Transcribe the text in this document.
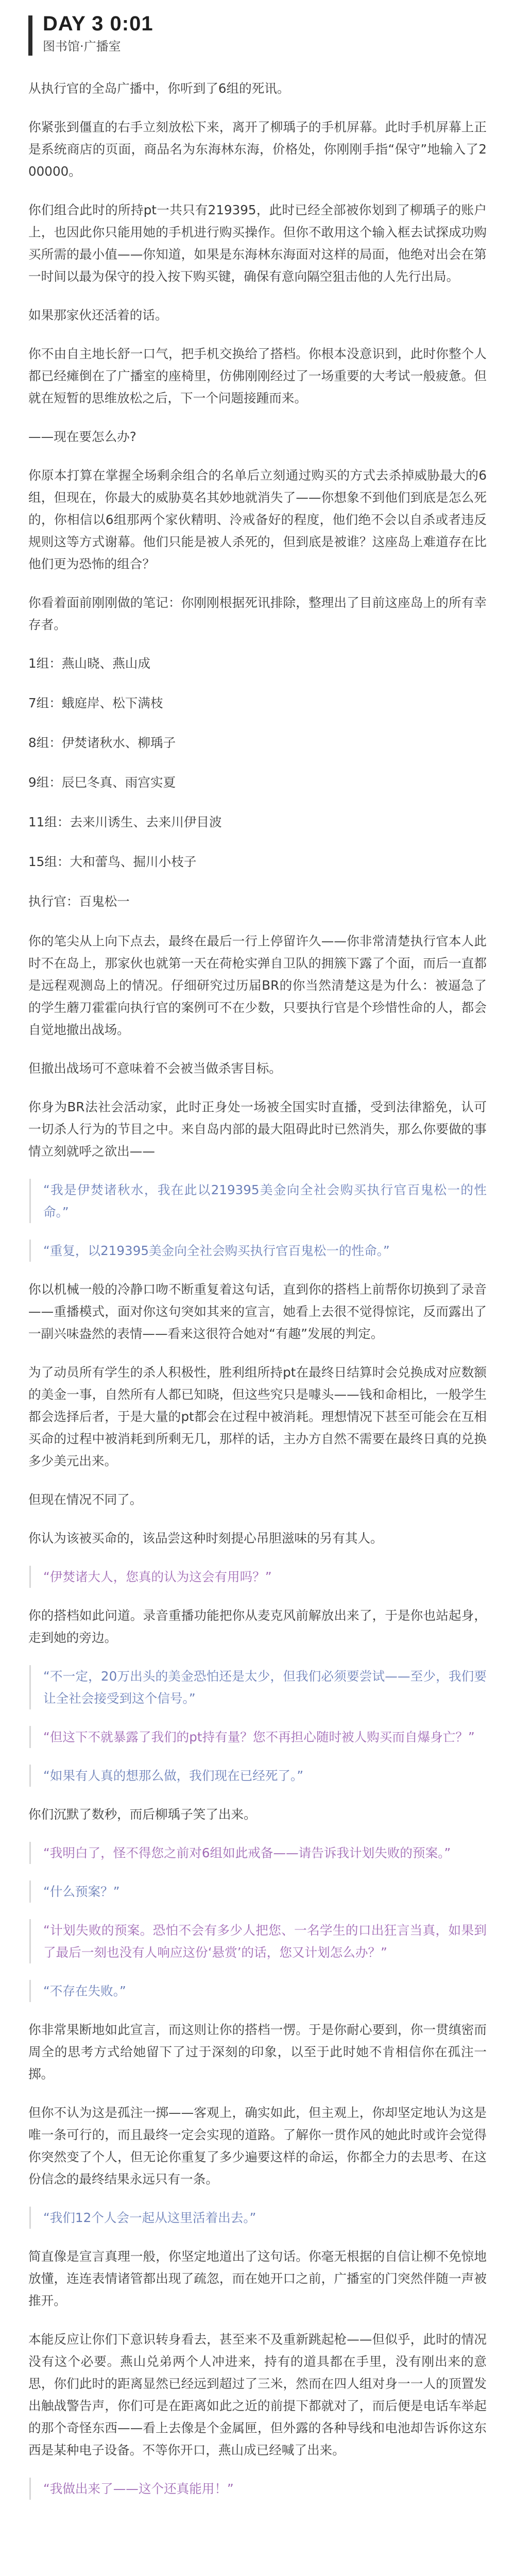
DAY 3 0:01
图书馆·广播室
从执行官的全岛广播中，你听到了6组的死讯。
你紧张到僵直的右手立刻放松下来，离开了柳瑀子的手机屏幕。此时手机屏幕上正是系统商店的页面，商品名为东海林东海，价格处，你刚刚手指“保守”地输入了200000。
你们组合此时的所持pt一共只有219395，此时已经全部被你划到了柳瑀子的账户上，也因此你只能用她的手机进行购买操作。但你不敢用这个输入框去试探成功购买所需的最小值——你知道，如果是东海林东海面对这样的局面，他绝对出会在第一时间以最为保守的投入按下购买键，确保有意向隔空狙击他的人先行出局。
如果那家伙还活着的话。
你不由自主地长舒一口气，把手机交换给了搭档。你根本没意识到，此时你整个人都已经瘫倒在了广播室的座椅里，仿佛刚刚经过了一场重要的大考试一般疲惫。但就在短暂的思维放松之后，下一个问题接踵而来。
——现在要怎么办?
你原本打算在掌握全场剩余组合的名单后立刻通过购买的方式去杀掉威胁最大的6组，但现在，你最大的威胁莫名其妙地就消失了——你想象不到他们到底是怎么死的，你相信以6组那两个家伙精明、泠戒备好的程度，他们绝不会以自杀或者违反规则这等方式谢幕。他们只能是被人杀死的，但到底是被谁？这座岛上难道存在比他们更为恐怖的组合？
你看着面前刚刚做的笔记：你刚刚根据死讯排除，整理出了目前这座岛上的所有幸存者。
1组：燕山晓、燕山成
7组：蛾庭岸、松下满枝
8组：伊焚诸秋水、柳瑀子
9组：辰巳冬真、雨宫实夏
11组：去来川诱生、去来川伊目波
15组：大和蕾鸟、掘川小枝子
执行官：百鬼松一
你的笔尖从上向下点去，最终在最后一行上停留许久——你非常清楚执行官本人此时不在岛上，那家伙也就第一天在荷枪实弹自卫队的拥簇下露了个面，而后一直都是远程观测岛上的情况。仔细研究过历届BR的你当然清楚这是为什么：被逼急了的学生蘑刀霍霍向执行官的案例可不在少数，只要执行官是个珍惜性命的人，都会自觉地撤出战场。
但撤出战场可不意味着不会被当做杀害目标。
你身为BR法社会活动家，此时正身处一场被全国实时直播，受到法律豁免，认可一切杀人行为的节目之中。来自岛内部的最大阻碍此时已然消失，那么你要做的事情立刻就呼之欲出——
“我是伊焚诸秋水，我在此以219395美金向全社会购买执行官百鬼松一的性命。”
“重复，以219395美金向全社会购买执行官百鬼松一的性命。”
你以机械一般的冷静口吻不断重复着这句话，直到你的搭档上前帮你切换到了录音——重播模式，面对你这句突如其来的宣言，她看上去很不觉得惊诧，反而露出了一副兴味盎然的表情——看来这很符合她对“有趣”发展的判定。
为了动员所有学生的杀人积极性，胜利组所持pt在最终日结算时会兑换成对应数额的美金一事，自然所有人都已知晓，但这些究只是噱头——钱和命相比，一般学生都会选择后者，于是大量的pt都会在过程中被消耗。理想情况下甚至可能会在互相买命的过程中被消耗到所剩无几，那样的话，主办方自然不需要在最终日真的兑换多少美元出来。
但现在情况不同了。
你认为该被买命的，该品尝这种时刻提心吊胆滋味的另有其人。
“伊焚诸大人，您真的认为这会有用吗？”
你的搭档如此问道。录音重播功能把你从麦克风前解放出来了，于是你也站起身，走到她的旁边。
“不一定，20万出头的美金恐怕还是太少，但我们必须要尝试——至少，我们要让全社会接受到这个信号。”
“但这下不就暴露了我们的pt持有量？您不再担心随时被人购买而自爆身亡？”
“如果有人真的想那么做，我们现在已经死了。”
你们沉默了数秒，而后柳瑀子笑了出来。
“我明白了，怪不得您之前对6组如此戒备——请告诉我计划失败的预案。”
“什么预案？”
“计划失败的预案。恐怕不会有多少人把您、一名学生的口出狂言当真，如果到了最后一刻也没有人响应这份‘悬赏’的话，您又计划怎么办？”
“不存在失败。”
你非常果断地如此宣言，而这则让你的搭档一愣。于是你耐心要到，你一贯缜密而周全的思考方式给她留下了过于深刻的印象，以至于此时她不肯相信你在孤注一掷。
但你不认为这是孤注一掷——客观上，确实如此，但主观上，你却坚定地认为这是唯一条可行的，而且最终一定会实现的道路。了解你一贯作风的她此时或许会觉得你突然变了个人，但无论你重复了多少遍要这样的命运，你都全力的去思考、在这份信念的最终结果永远只有一条。
“我们12个人会一起从这里活着出去。”
简直像是宣言真理一般，你坚定地道出了这句话。你毫无根据的自信让柳不免惊地放懂，连连表情诸管都出现了疏忽，而在她开口之前，广播室的门突然伴随一声被推开。
本能反应让你们下意识转身看去，甚至来不及重新跳起枪——但似乎，此时的情况没有这个必要。燕山兑弟两个人冲进来，持有的道具都在手里，没有刚出来的意思，你们此时的距离显然已经远到超过了三米，然而在四人组对身一一人的顶置发出触战警告声，你们可是在距离如此之近的前提下都就对了，而后便是电话车举起的那个奇怪东西——看上去像是个金属匣，但外露的各种导线和电池却告诉你这东西是某种电子设备。不等你开口，燕山成已经喊了出来。
“我做出来了——这个还真能用！”
